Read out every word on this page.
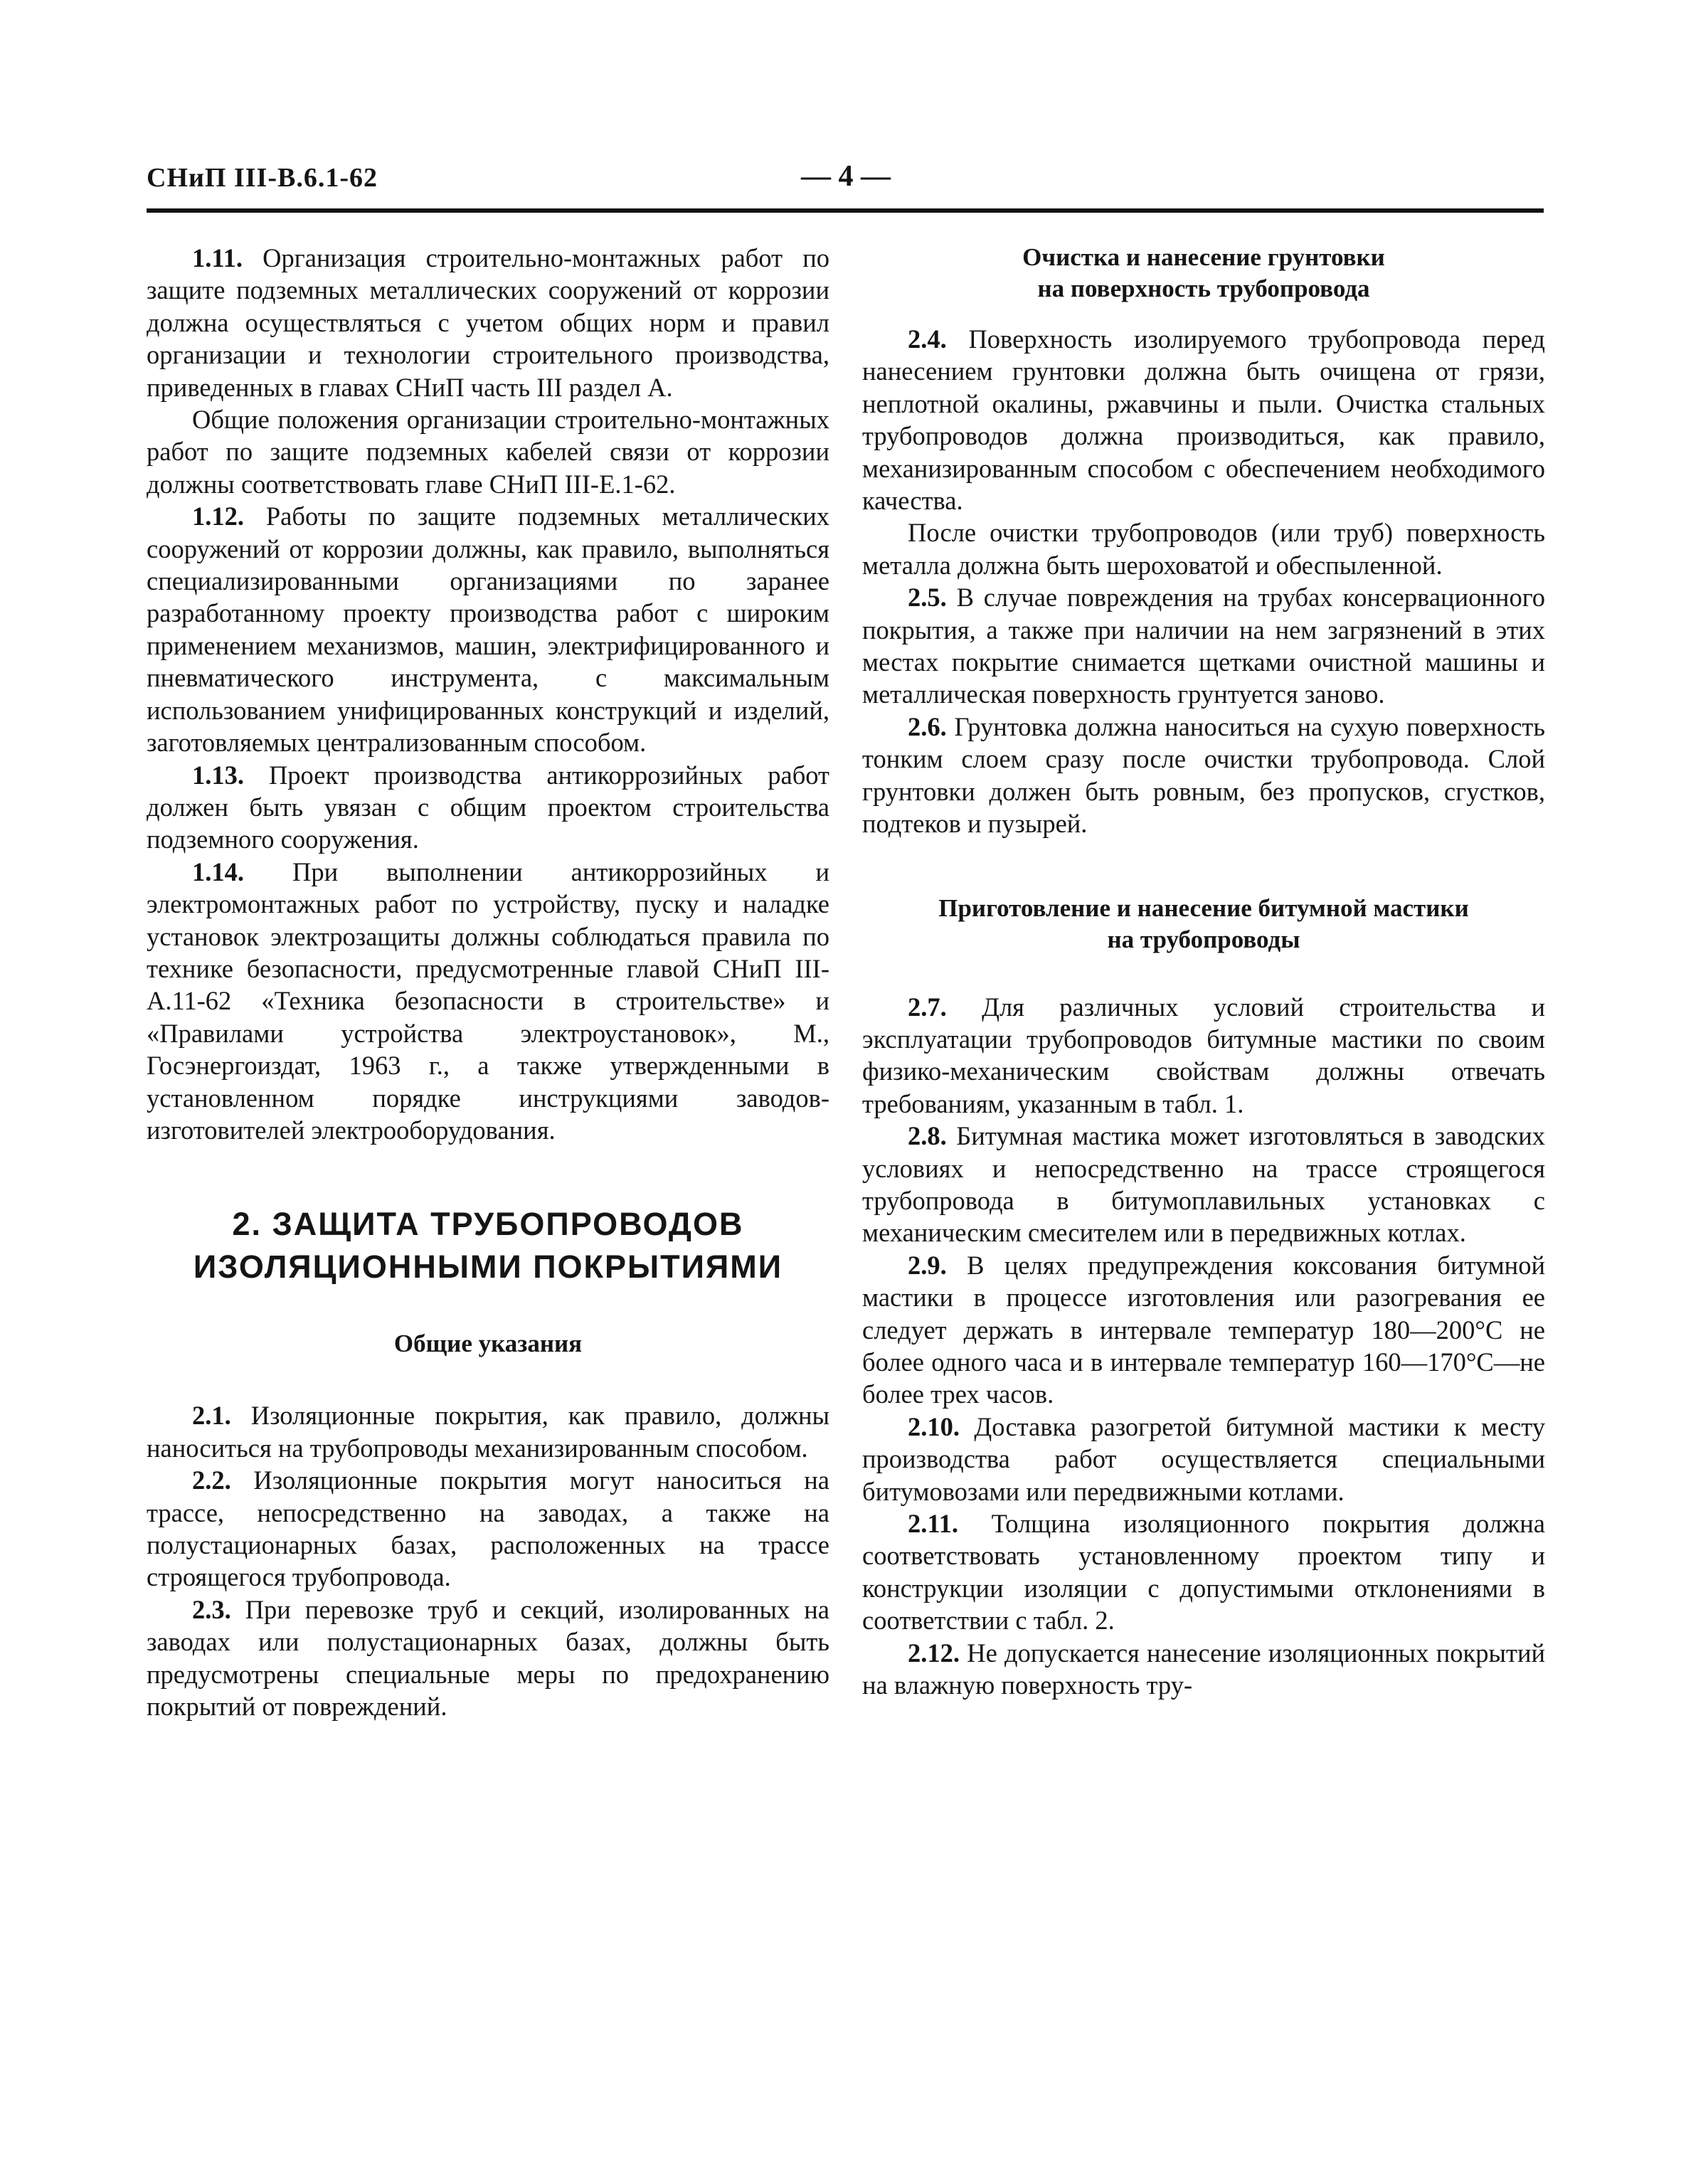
СНиП III-В.6.1-62	— 4 —

1.11. Организация строительно-монтажных работ по защите подземных металлических сооружений от коррозии должна осуществляться с учетом общих норм и правил организации и технологии строительного производства, приведенных в главах СНиП часть III раздел А.

Общие положения организации строительно-монтажных работ по защите подземных кабелей связи от коррозии должны соответствовать главе СНиП III-Е.1-62.

1.12. Работы по защите подземных металлических сооружений от коррозии должны, как правило, выполняться специализированными организациями по заранее разработанному проекту производства работ с широким применением механизмов, машин, электрифицированного и пневматического инструмента, с максимальным использованием унифицированных конструкций и изделий, заготовляемых централизованным способом.

1.13. Проект производства антикоррозийных работ должен быть увязан с общим проектом строительства подземного сооружения.

1.14. При выполнении антикоррозийных и электромонтажных работ по устройству, пуску и наладке установок электрозащиты должны соблюдаться правила по технике безопасности, предусмотренные главой СНиП III-А.11-62 «Техника безопасности в строительстве» и «Правилами устройства электроустановок», М., Госэнергоиздат, 1963 г., а также утвержденными в установленном порядке инструкциями заводов-изготовителей электрооборудования.

2. ЗАЩИТА ТРУБОПРОВОДОВ
ИЗОЛЯЦИОННЫМИ ПОКРЫТИЯМИ
Общие указания

2.1. Изоляционные покрытия, как правило, должны наноситься на трубопроводы механизированным способом.

2.2. Изоляционные покрытия могут наноситься на трассе, непосредственно на заводах, а также на полустационарных базах, расположенных на трассе строящегося трубопровода.

2.3. При перевозке труб и секций, изолированных на заводах или полустационарных базах, должны быть предусмотрены специальные меры по предохранению покрытий от повреждений.

Очистка и нанесение грунтовки
на поверхность трубопровода

2.4. Поверхность изолируемого трубопровода перед нанесением грунтовки должна быть очищена от грязи, неплотной окалины, ржавчины и пыли. Очистка стальных трубопроводов должна производиться, как правило, механизированным способом с обеспечением необходимого качества.

После очистки трубопроводов (или труб) поверхность металла должна быть шероховатой и обеспыленной.

2.5. В случае повреждения на трубах консервационного покрытия, а также при наличии на нем загрязнений в этих местах покрытие снимается щетками очистной машины и металлическая поверхность грунтуется заново.

2.6. Грунтовка должна наноситься на сухую поверхность тонким слоем сразу после очистки трубопровода. Слой грунтовки должен быть ровным, без пропусков, сгустков, подтеков и пузырей.

Приготовление и нанесение битумной мастики
на трубопроводы

2.7. Для различных условий строительства и эксплуатации трубопроводов битумные мастики по своим физико-механическим свойствам должны отвечать требованиям, указанным в табл. 1.

2.8. Битумная мастика может изготовляться в заводских условиях и непосредственно на трассе строящегося трубопровода в битумоплавильных установках с механическим смесителем или в передвижных котлах.

2.9. В целях предупреждения коксования битумной мастики в процессе изготовления или разогревания ее следует держать в интервале температур 180—200°С не более одного часа и в интервале температур 160—170°С—не более трех часов.

2.10. Доставка разогретой битумной мастики к месту производства работ осуществляется специальными битумовозами или передвижными котлами.

2.11. Толщина изоляционного покрытия должна соответствовать установленному проектом типу и конструкции изоляции с допустимыми отклонениями в соответствии с табл. 2.

2.12. Не допускается нанесение изоляционных покрытий на влажную поверхность тру-
